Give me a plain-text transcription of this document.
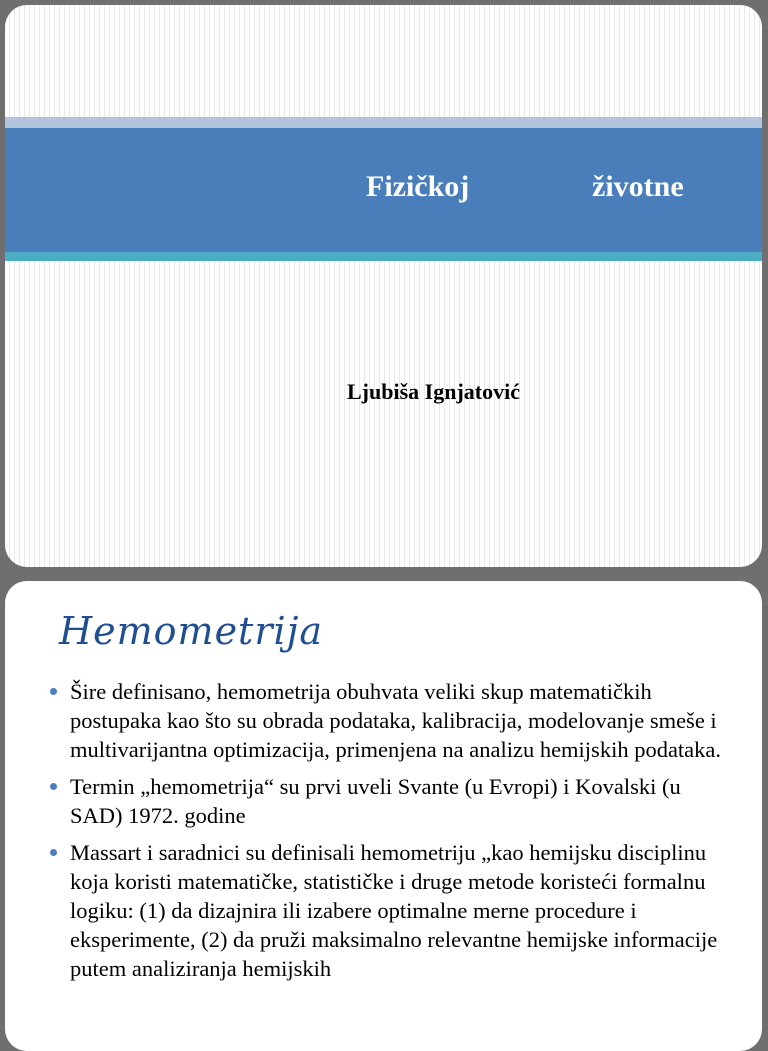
Fizičkoj	životne
Ljubiša Ignjatović
Hemometrija
Šire definisano, hemometrija obuhvata veliki skup matematičkih postupaka kao što su obrada podataka, kalibracija, modelovanje smeše i multivarijantna optimizacija, primenjena na analizu hemijskih podataka.
Termin „hemometrija“ su prvi uveli Svante (u Evropi) i Kovalski (u SAD) 1972. godine
Massart i saradnici su definisali hemometriju „kao hemijsku disciplinu koja koristi matematičke, statističke i druge metode koristeći formalnu logiku: (1) da dizajnira ili izabere optimalne merne procedure i eksperimente, (2) da pruži maksimalno relevantne hemijske informacije putem analiziranja hemijskih
